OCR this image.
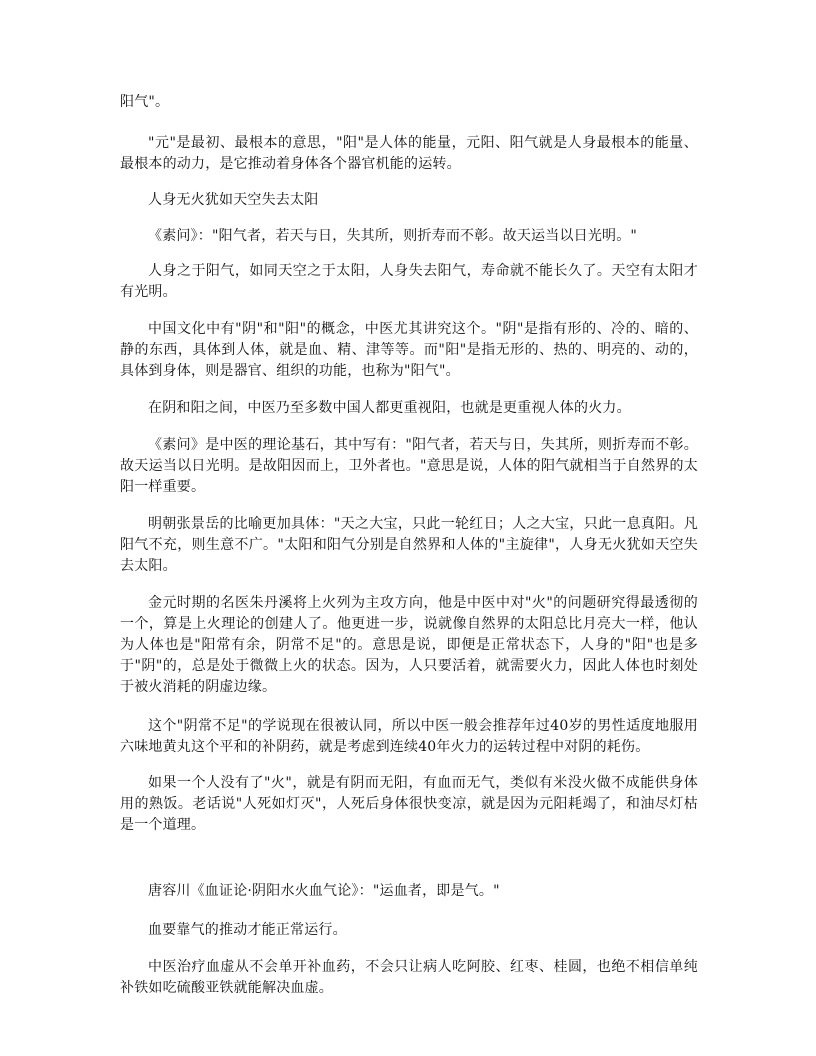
阳气"。

"元"是最初、最根本的意思，"阳"是人体的能量，元阳、阳气就是人身最根本的能量、最根本的动力，是它推动着身体各个器官机能的运转。

人身无火犹如天空失去太阳

《素问》："阳气者，若天与日，失其所，则折寿而不彰。故天运当以日光明。"

人身之于阳气，如同天空之于太阳，人身失去阳气，寿命就不能长久了。天空有太阳才有光明。

中国文化中有"阴"和"阳"的概念，中医尤其讲究这个。"阴"是指有形的、冷的、暗的、静的东西，具体到人体，就是血、精、津等等。而"阳"是指无形的、热的、明亮的、动的，具体到身体，则是器官、组织的功能，也称为"阳气"。

在阴和阳之间，中医乃至多数中国人都更重视阳，也就是更重视人体的火力。

《素问》是中医的理论基石，其中写有："阳气者，若天与日，失其所，则折寿而不彰。故天运当以日光明。是故阳因而上，卫外者也。"意思是说，人体的阳气就相当于自然界的太阳一样重要。

明朝张景岳的比喻更加具体："天之大宝，只此一轮红日；人之大宝，只此一息真阳。凡阳气不充，则生意不广。"太阳和阳气分别是自然界和人体的"主旋律"，人身无火犹如天空失去太阳。

金元时期的名医朱丹溪将上火列为主攻方向，他是中医中对"火"的问题研究得最透彻的一个，算是上火理论的创建人了。他更进一步，说就像自然界的太阳总比月亮大一样，他认为人体也是"阳常有余，阴常不足"的。意思是说，即便是正常状态下，人身的"阳"也是多于"阴"的，总是处于微微上火的状态。因为，人只要活着，就需要火力，因此人体也时刻处于被火消耗的阴虚边缘。

这个"阴常不足"的学说现在很被认同，所以中医一般会推荐年过40岁的男性适度地服用六味地黄丸这个平和的补阴药，就是考虑到连续40年火力的运转过程中对阴的耗伤。

如果一个人没有了"火"，就是有阴而无阳，有血而无气，类似有米没火做不成能供身体用的熟饭。老话说"人死如灯灭"，人死后身体很快变凉，就是因为元阳耗竭了，和油尽灯枯是一个道理。

唐容川《血证论·阴阳水火血气论》："运血者，即是气。"

血要靠气的推动才能正常运行。

中医治疗血虚从不会单开补血药，不会只让病人吃阿胶、红枣、桂圆，也绝不相信单纯补铁如吃硫酸亚铁就能解决血虚。
